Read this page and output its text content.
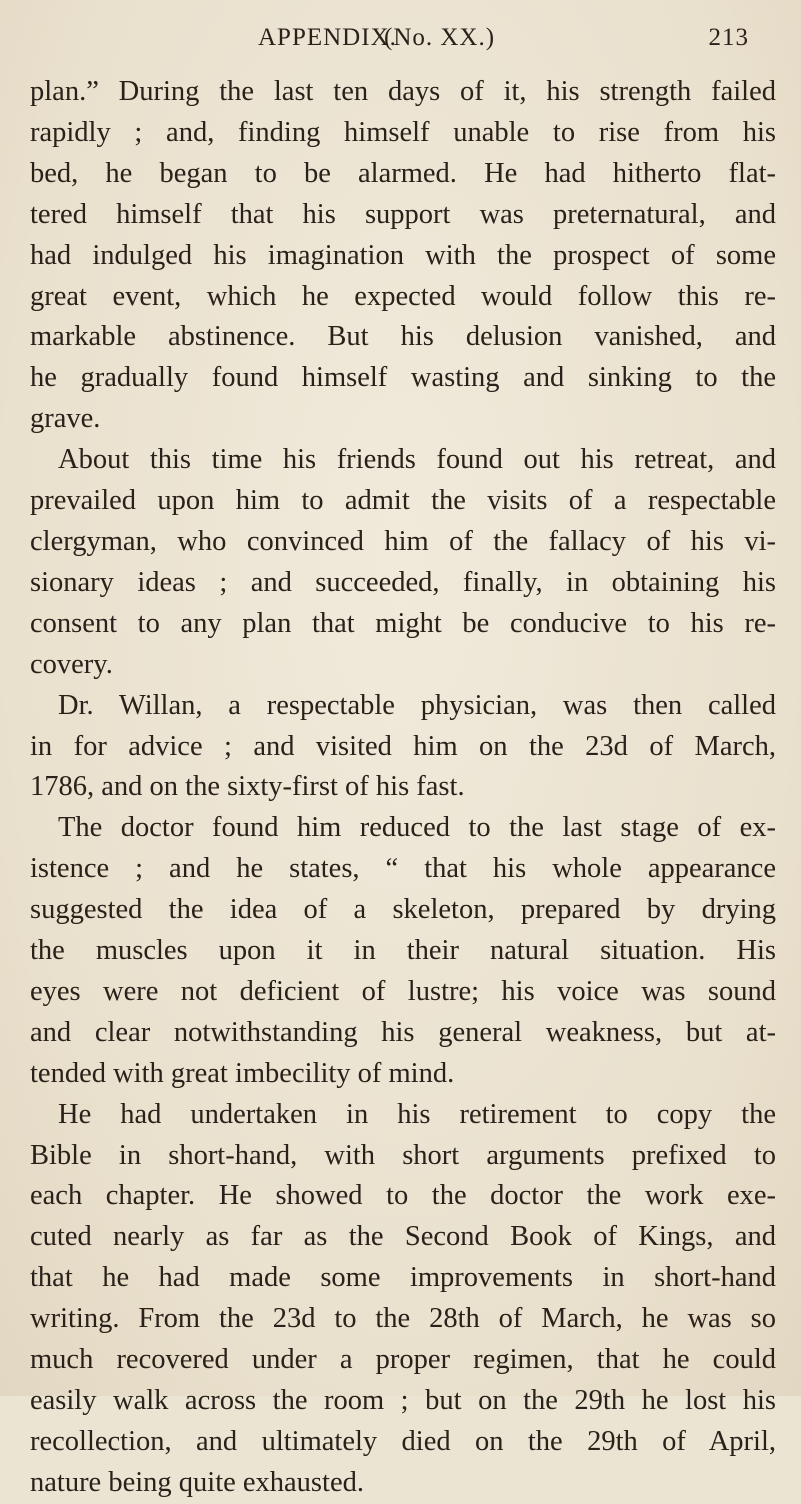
APPENDIX.
(No. XX.)	213
plan.” During the last ten days of it, his strength failed
rapidly ; and, finding himself unable to rise from his
bed, he began to be alarmed. He had hitherto flat-
tered himself that his support was preternatural, and
had indulged his imagination with the prospect of some
great event, which he expected would follow this re-
markable abstinence. But his delusion vanished, and
he gradually found himself wasting and sinking to the
grave.
About this time his friends found out his retreat, and
prevailed upon him to admit the visits of a respectable
clergyman, who convinced him of the fallacy of his vi-
sionary ideas ; and succeeded, finally, in obtaining his
consent to any plan that might be conducive to his re-
covery.
Dr. Willan, a respectable physician, was then called
in for advice ; and visited him on the 23d of March,
1786, and on the sixty-first of his fast.
The doctor found him reduced to the last stage of ex-
istence ; and he states, “ that his whole appearance
suggested the idea of a skeleton, prepared by drying
the muscles upon it in their natural situation. His
eyes were not deficient of lustre; his voice was sound
and clear notwithstanding his general weakness, but at-
tended with great imbecility of mind.
He had undertaken in his retirement to copy the
Bible in short-hand, with short arguments prefixed to
each chapter. He showed to the doctor the work exe-
cuted nearly as far as the Second Book of Kings, and
that he had made some improvements in short-hand
writing. From the 23d to the 28th of March, he was so
much recovered under a proper regimen, that he could
easily walk across the room ; but on the 29th he lost his
recollection, and ultimately died on the 29th of April,
nature being quite exhausted.
